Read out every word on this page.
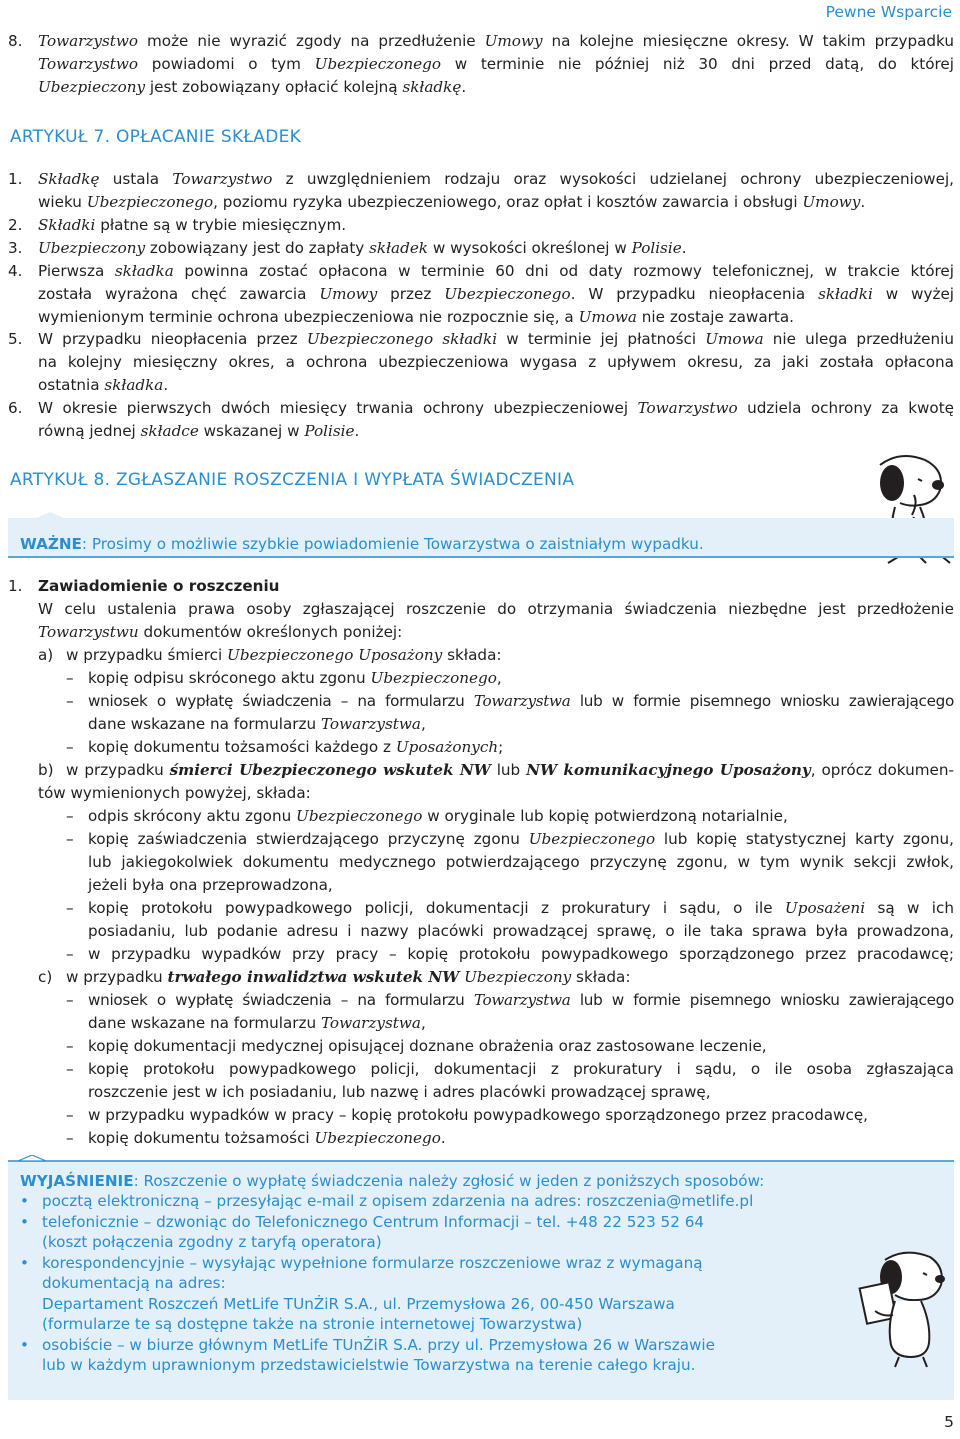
Pewne Wsparcie
8. Towarzystwo może nie wyrazić zgody na przedłużenie Umowy na kolejne miesięczne okresy. W takim przypadku
Towarzystwo powiadomi o tym Ubezpieczonego w terminie nie później niż 30 dni przed datą, do której
Ubezpieczony jest zobowiązany opłacić kolejną składkę.
ARTYKUŁ 7. OPŁACANIE SKŁADEK
1. Składkę ustala Towarzystwo z uwzględnieniem rodzaju oraz wysokości udzielanej ochrony ubezpieczeniowej,
wieku Ubezpieczonego, poziomu ryzyka ubezpieczeniowego, oraz opłat i kosztów zawarcia i obsługi Umowy.
2. Składki płatne są w trybie miesięcznym.
3. Ubezpieczony zobowiązany jest do zapłaty składek w wysokości określonej w Polisie.
4. Pierwsza składka powinna zostać opłacona w terminie 60 dni od daty rozmowy telefonicznej, w trakcie której
została wyrażona chęć zawarcia Umowy przez Ubezpieczonego. W przypadku nieopłacenia składki w wyżej
wymienionym terminie ochrona ubezpieczeniowa nie rozpocznie się, a Umowa nie zostaje zawarta.
5. W przypadku nieopłacenia przez Ubezpieczonego składki w terminie jej płatności Umowa nie ulega przedłużeniu
na kolejny miesięczny okres, a ochrona ubezpieczeniowa wygasa z upływem okresu, za jaki została opłacona
ostatnia składka.
6. W okresie pierwszych dwóch miesięcy trwania ochrony ubezpieczeniowej Towarzystwo udziela ochrony za kwotę
równą jednej składce wskazanej w Polisie.
ARTYKUŁ 8. ZGŁASZANIE ROSZCZENIA I WYPŁATA ŚWIADCZENIA
WAŻNE: Prosimy o możliwie szybkie powiadomienie Towarzystwa o zaistniałym wypadku.
1. Zawiadomienie o roszczeniu
W celu ustalenia prawa osoby zgłaszającej roszczenie do otrzymania świadczenia niezbędne jest przedłożenie
Towarzystwu dokumentów określonych poniżej:
a) w przypadku śmierci Ubezpieczonego Uposażony składa:
– kopię odpisu skróconego aktu zgonu Ubezpieczonego,
– wniosek o wypłatę świadczenia – na formularzu Towarzystwa lub w formie pisemnego wniosku zawierającego
dane wskazane na formularzu Towarzystwa,
– kopię dokumentu tożsamości każdego z Uposażonych;
b) w przypadku śmierci Ubezpieczonego wskutek NW lub NW komunikacyjnego Uposażony, oprócz dokumen-
tów wymienionych powyżej, składa:
– odpis skrócony aktu zgonu Ubezpieczonego w oryginale lub kopię potwierdzoną notarialnie,
– kopię zaświadczenia stwierdzającego przyczynę zgonu Ubezpieczonego lub kopię statystycznej karty zgonu,
lub jakiegokolwiek dokumentu medycznego potwierdzającego przyczynę zgonu, w tym wynik sekcji zwłok,
jeżeli była ona przeprowadzona,
– kopię protokołu powypadkowego policji, dokumentacji z prokuratury i sądu, o ile Uposażeni są w ich
posiadaniu, lub podanie adresu i nazwy placówki prowadzącej sprawę, o ile taka sprawa była prowadzona,
– w przypadku wypadków przy pracy – kopię protokołu powypadkowego sporządzonego przez pracodawcę;
c) w przypadku trwałego inwalidztwa wskutek NW Ubezpieczony składa:
– wniosek o wypłatę świadczenia – na formularzu Towarzystwa lub w formie pisemnego wniosku zawierającego
dane wskazane na formularzu Towarzystwa,
– kopię dokumentacji medycznej opisującej doznane obrażenia oraz zastosowane leczenie,
– kopię protokołu powypadkowego policji, dokumentacji z prokuratury i sądu, o ile osoba zgłaszająca
roszczenie jest w ich posiadaniu, lub nazwę i adres placówki prowadzącej sprawę,
– w przypadku wypadków w pracy – kopię protokołu powypadkowego sporządzonego przez pracodawcę,
– kopię dokumentu tożsamości Ubezpieczonego.
WYJAŚNIENIE: Roszczenie o wypłatę świadczenia należy zgłosić w jeden z poniższych sposobów:
• pocztą elektroniczną – przesyłając e-mail z opisem zdarzenia na adres: roszczenia@metlife.pl
• telefonicznie – dzwoniąc do Telefonicznego Centrum Informacji – tel. +48 22 523 52 64
(koszt połączenia zgodny z taryfą operatora)
• korespondencyjnie – wysyłając wypełnione formularze roszczeniowe wraz z wymaganą
dokumentacją na adres:
Departament Roszczeń MetLife TUnŻiR S.A., ul. Przemysłowa 26, 00-450 Warszawa
(formularze te są dostępne także na stronie internetowej Towarzystwa)
• osobiście – w biurze głównym MetLife TUnŻiR S.A. przy ul. Przemysłowa 26 w Warszawie
lub w każdym uprawnionym przedstawicielstwie Towarzystwa na terenie całego kraju.
5
